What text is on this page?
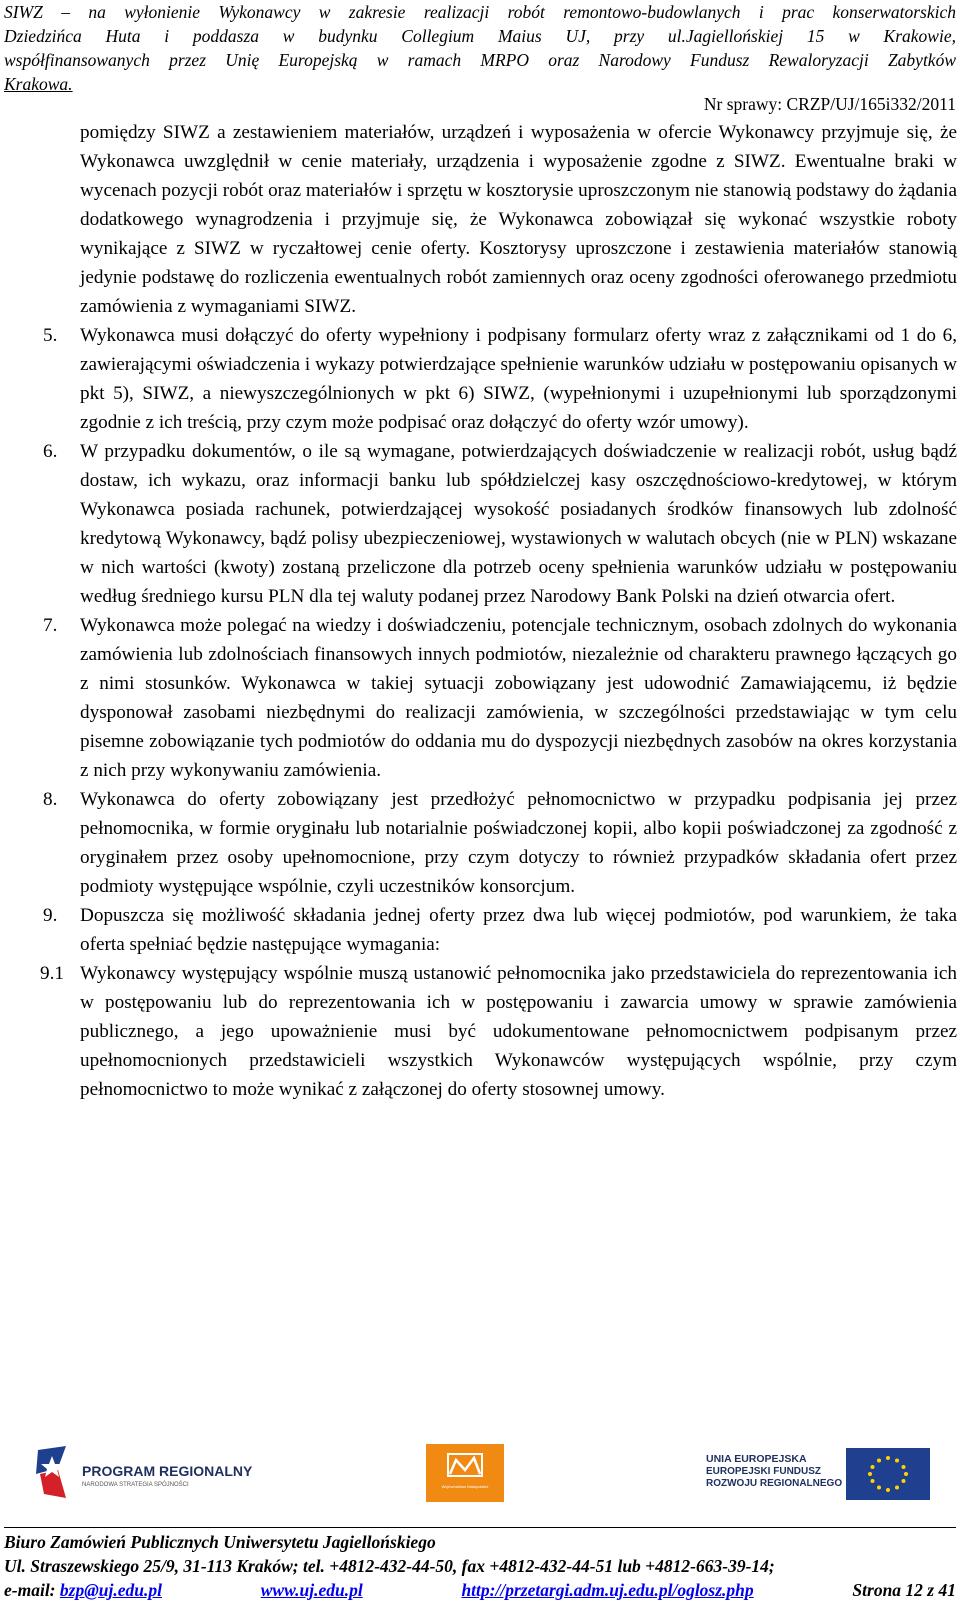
SIWZ – na wyłonienie Wykonawcy w zakresie realizacji robót remontowo-budowlanych i prac konserwatorskich
Dziedzińca Huta i poddasza w budynku Collegium Maius UJ, przy ul.Jagiellońskiej 15 w Krakowie,
współfinansowanych przez Unię Europejską w ramach MRPO oraz Narodowy Fundusz Rewaloryzacji Zabytków
Krakowa.
Nr sprawy: CRZP/UJ/165i332/2011

pomiędzy SIWZ a zestawieniem materiałów, urządzeń i wyposażenia w ofercie Wykonawcy przyjmuje się, że Wykonawca uwzględnił w cenie materiały, urządzenia i wyposażenie zgodne z SIWZ. Ewentualne braki w wycenach pozycji robót oraz materiałów i sprzętu w kosztorysie uproszczonym nie stanowią podstawy do żądania dodatkowego wynagrodzenia i przyjmuje się, że Wykonawca zobowiązał się wykonać wszystkie roboty wynikające z SIWZ w ryczałtowej cenie oferty. Kosztorysy uproszczone i zestawienia materiałów stanowią jedynie podstawę do rozliczenia ewentualnych robót zamiennych oraz oceny zgodności oferowanego przedmiotu zamówienia z wymaganiami SIWZ.

5. Wykonawca musi dołączyć do oferty wypełniony i podpisany formularz oferty wraz z załącznikami od 1 do 6, zawierającymi oświadczenia i wykazy potwierdzające spełnienie warunków udziału w postępowaniu opisanych w pkt 5), SIWZ, a niewyszczególnionych w pkt 6) SIWZ, (wypełnionymi i uzupełnionymi lub sporządzonymi zgodnie z ich treścią, przy czym może podpisać oraz dołączyć do oferty wzór umowy).
6. W przypadku dokumentów, o ile są wymagane, potwierdzających doświadczenie w realizacji robót, usług bądź dostaw, ich wykazu, oraz informacji banku lub spółdzielczej kasy oszczędnościowo-kredytowej, w którym Wykonawca posiada rachunek, potwierdzającej wysokość posiadanych środków finansowych lub zdolność kredytową Wykonawcy, bądź polisy ubezpieczeniowej, wystawionych w walutach obcych (nie w PLN) wskazane w nich wartości (kwoty) zostaną przeliczone dla potrzeb oceny spełnienia warunków udziału w postępowaniu według średniego kursu PLN dla tej waluty podanej przez Narodowy Bank Polski na dzień otwarcia ofert.
7. Wykonawca może polegać na wiedzy i doświadczeniu, potencjale technicznym, osobach zdolnych do wykonania zamówienia lub zdolnościach finansowych innych podmiotów, niezależnie od charakteru prawnego łączących go z nimi stosunków. Wykonawca w takiej sytuacji zobowiązany jest udowodnić Zamawiającemu, iż będzie dysponował zasobami niezbędnymi do realizacji zamówienia, w szczególności przedstawiając w tym celu pisemne zobowiązanie tych podmiotów do oddania mu do dyspozycji niezbędnych zasobów na okres korzystania z nich przy wykonywaniu zamówienia.
8. Wykonawca do oferty zobowiązany jest przedłożyć pełnomocnictwo w przypadku podpisania jej przez pełnomocnika, w formie oryginału lub notarialnie poświadczonej kopii, albo kopii poświadczonej za zgodność z oryginałem przez osoby upełnomocnione, przy czym dotyczy to również przypadków składania ofert przez podmioty występujące wspólnie, czyli uczestników konsorcjum.
9. Dopuszcza się możliwość składania jednej oferty przez dwa lub więcej podmiotów, pod warunkiem, że taka oferta spełniać będzie następujące wymagania:
9.1 Wykonawcy występujący wspólnie muszą ustanowić pełnomocnika jako przedstawiciela do reprezentowania ich w postępowaniu lub do reprezentowania ich w postępowaniu i zawarcia umowy w sprawie zamówienia publicznego, a jego upoważnienie musi być udokumentowane pełnomocnictwem podpisanym przez upełnomocnionych przedstawicieli wszystkich Wykonawców występujących wspólnie, przy czym pełnomocnictwo to może wynikać z załączonej do oferty stosownej umowy.
PROGRAM REGIONALNY
NARODOWA STRATEGIA SPÓJNOŚCI	Województwo Małopolskie
UNIA EUROPEJSKA
EUROPEJSKI FUNDUSZ
ROZWOJU REGIONALNEGO
Biuro Zamówień Publicznych Uniwersytetu Jagiellońskiego
Ul. Straszewskiego 25/9, 31-113 Kraków; tel. +4812-432-44-50, fax +4812-432-44-51 lub +4812-663-39-14;
e-mail: bzp@uj.edu.pl	www.uj.edu.pl	http://przetargi.adm.uj.edu.pl/oglosz.php	Strona 12 z 41
